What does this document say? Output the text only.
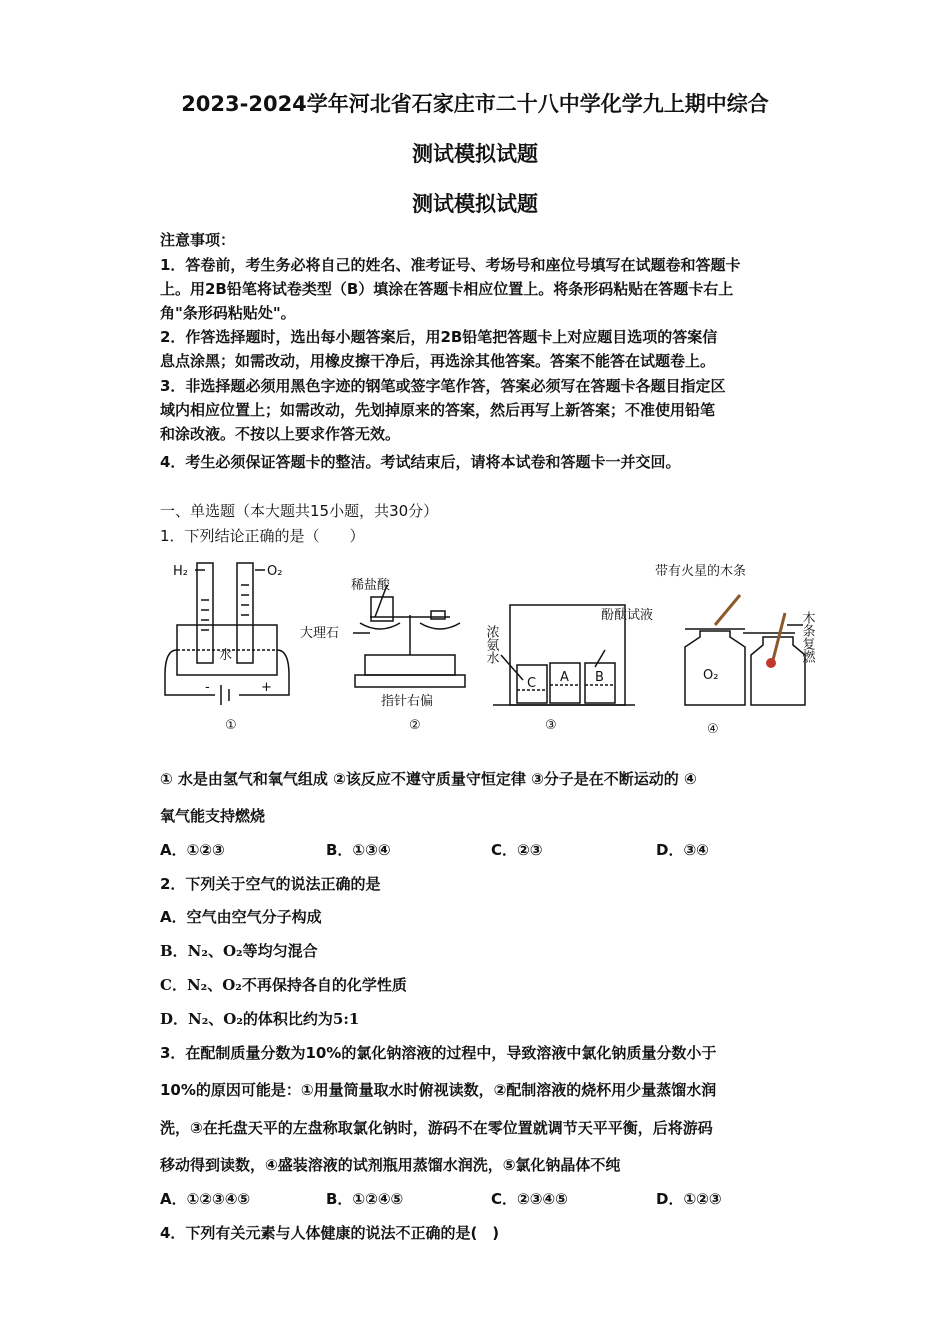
2023-2024学年河北省石家庄市二十八中学化学九上期中综合
测试模拟试题
测试模拟试题
注意事项：
1．答卷前，考生务必将自己的姓名、准考证号、考场号和座位号填写在试题卷和答题卡
上。用2B铅笔将试卷类型（B）填涂在答题卡相应位置上。将条形码粘贴在答题卡右上
角"条形码粘贴处"。
2．作答选择题时，选出每小题答案后，用2B铅笔把答题卡上对应题目选项的答案信
息点涂黑；如需改动，用橡皮擦干净后，再选涂其他答案。答案不能答在试题卷上。
3．非选择题必须用黑色字迹的钢笔或签字笔作答，答案必须写在答题卡各题目指定区
域内相应位置上；如需改动，先划掉原来的答案，然后再写上新答案；不准使用铅笔
和涂改液。不按以上要求作答无效。
4．考生必须保证答题卡的整洁。考试结束后，请将本试卷和答题卡一并交回。
一、单选题（本大题共15小题，共30分）
1．下列结论正确的是（　　）
H₂	O₂
-	+
水
①
稀盐酸
大理石
指针右偏
②
浓氨水
酚酞试液
C A B
③
带有火星的木条
O₂
木条复燃
④
① 水是由氢气和氧气组成 ②该反应不遵守质量守恒定律 ③分子是在不断运动的 ④
氧气能支持燃烧
A．①②③	B．①③④	C．②③	D．③④
2．下列关于空气的说法正确的是
A．空气由空气分子构成
B．N₂、O₂等均匀混合
C．N₂、O₂不再保持各自的化学性质
D．N₂、O₂的体积比约为5:1
3．在配制质量分数为10%的氯化钠溶液的过程中，导致溶液中氯化钠质量分数小于
10%的原因可能是：①用量筒量取水时俯视读数，②配制溶液的烧杯用少量蒸馏水润
洗，③在托盘天平的左盘称取氯化钠时，游码不在零位置就调节天平平衡，后将游码
移动得到读数，④盛装溶液的试剂瓶用蒸馏水润洗，⑤氯化钠晶体不纯
A．①②③④⑤	B．①②④⑤	C．②③④⑤	D．①②③
4．下列有关元素与人体健康的说法不正确的是(　)
